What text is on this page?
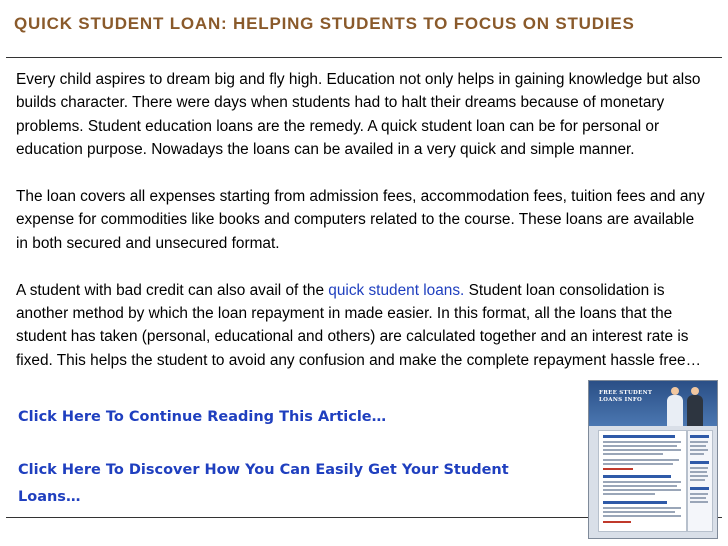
QUICK STUDENT LOAN: HELPING STUDENTS TO FOCUS ON STUDIES

Every child aspires to dream big and fly high. Education not only helps in gaining knowledge but also builds character. There were days when students had to halt their dreams because of monetary problems. Student education loans are the remedy. A quick student loan can be for personal or education purpose. Nowadays the loans can be availed in a very quick and simple manner.

The loan covers all expenses starting from admission fees, accommodation fees, tuition fees and any expense for commodities like books and computers related to the course. These loans are available in both secured and unsecured format.

A student with bad credit can also avail of the quick student loans. Student loan consolidation is another method by which the loan repayment in made easier. In this format, all the loans that the student has taken (personal, educational and others) are calculated together and an interest rate is fixed. This helps the student to avoid any confusion and make the complete repayment hassle free…

Click Here To Continue Reading This Article…
Click Here To Discover How You Can Easily Get Your Student Loans…
FREE STUDENT LOANS INFO
